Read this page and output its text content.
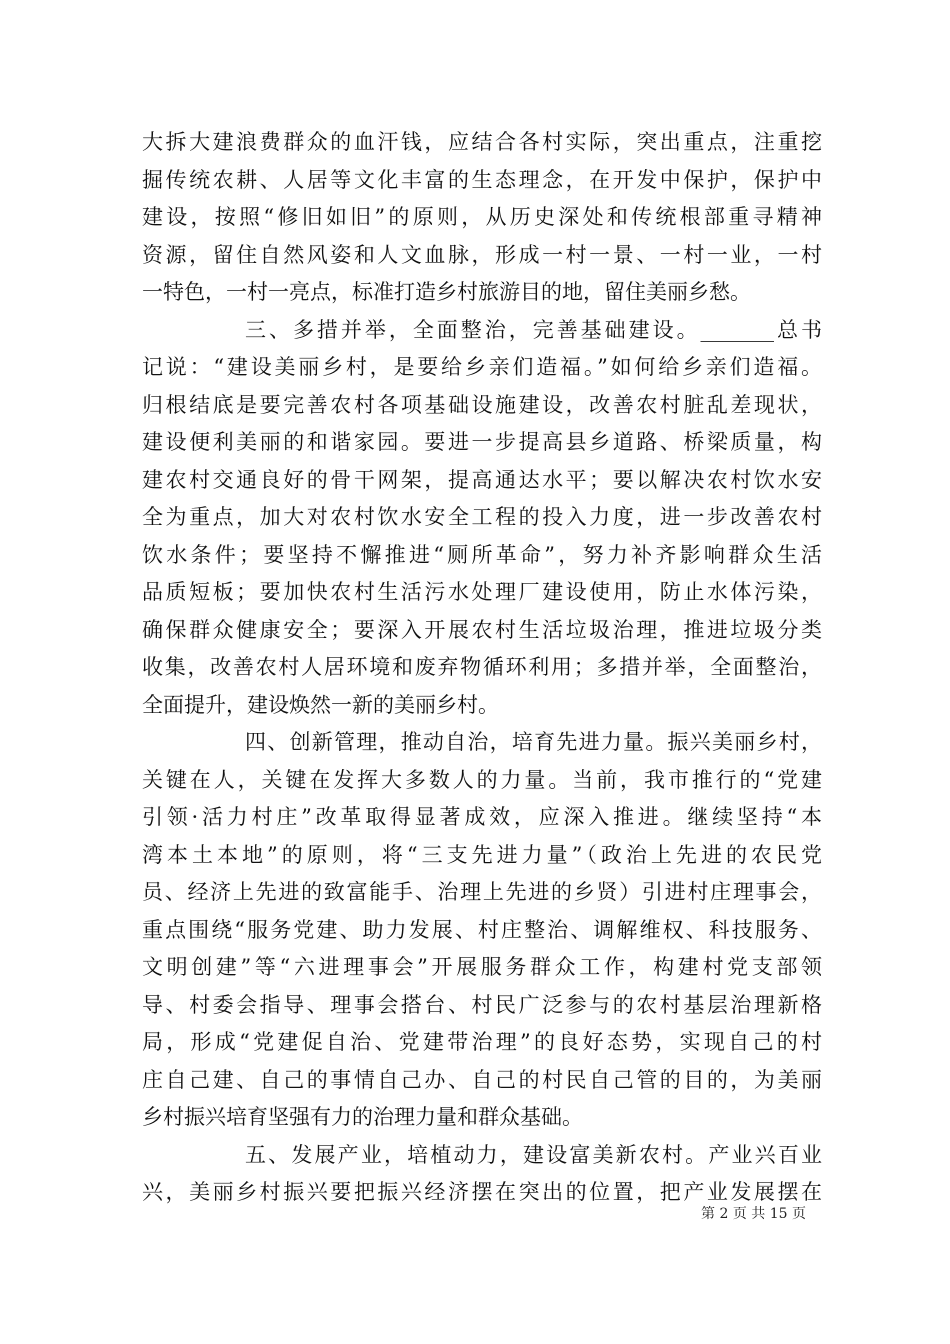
大拆大建浪费群众的血汗钱，应结合各村实际，突出重点，注重挖
掘传统农耕、人居等文化丰富的生态理念，在开发中保护，保护中
建设，按照“修旧如旧”的原则，从历史深处和传统根部重寻精神
资源，留住自然风姿和人文血脉，形成一村一景、一村一业，一村
一特色，一村一亮点，标准打造乡村旅游目的地，留住美丽乡愁。
三、多措并举，全面整治，完善基础建设。_______总书
记说：“建设美丽乡村，是要给乡亲们造福。”如何给乡亲们造福。
归根结底是要完善农村各项基础设施建设，改善农村脏乱差现状，
建设便利美丽的和谐家园。要进一步提高县乡道路、桥梁质量，构
建农村交通良好的骨干网架，提高通达水平；要以解决农村饮水安
全为重点，加大对农村饮水安全工程的投入力度，进一步改善农村
饮水条件；要坚持不懈推进“厕所革命”，努力补齐影响群众生活
品质短板；要加快农村生活污水处理厂建设使用，防止水体污染，
确保群众健康安全；要深入开展农村生活垃圾治理，推进垃圾分类
收集，改善农村人居环境和废弃物循环利用；多措并举，全面整治，
全面提升，建设焕然一新的美丽乡村。
四、创新管理，推动自治，培育先进力量。振兴美丽乡村，
关键在人，关键在发挥大多数人的力量。当前，我市推行的“党建
引领·活力村庄”改革取得显著成效，应深入推进。继续坚持“本
湾本土本地”的原则，将“三支先进力量”（政治上先进的农民党
员、经济上先进的致富能手、治理上先进的乡贤）引进村庄理事会，
重点围绕“服务党建、助力发展、村庄整治、调解维权、科技服务、
文明创建”等“六进理事会”开展服务群众工作，构建村党支部领
导、村委会指导、理事会搭台、村民广泛参与的农村基层治理新格
局，形成“党建促自治、党建带治理”的良好态势，实现自己的村
庄自己建、自己的事情自己办、自己的村民自己管的目的，为美丽
乡村振兴培育坚强有力的治理力量和群众基础。
五、发展产业，培植动力，建设富美新农村。产业兴百业
兴，美丽乡村振兴要把振兴经济摆在突出的位置，把产业发展摆在
第 2 页 共 15 页
